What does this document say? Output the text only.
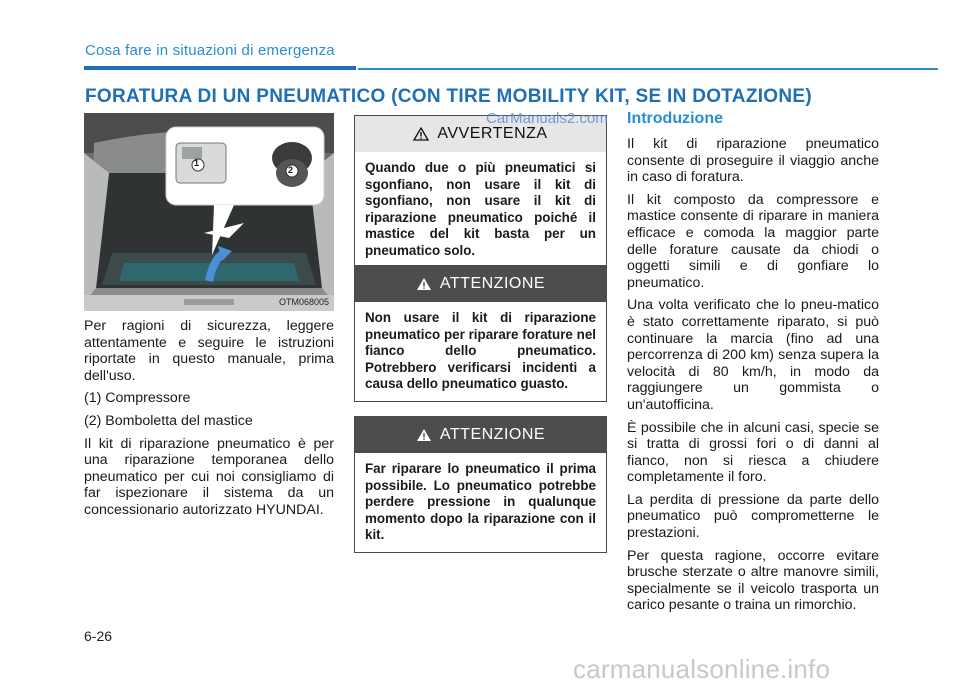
Cosa fare in situazioni di emergenza
FORATURA DI UN PNEUMATICO (CON TIRE MOBILITY KIT, SE IN DOTAZIONE)
1
2
OTM068005

Per ragioni di sicurezza, leggere attentamente e seguire le istruzioni riportate in questo manuale, prima dell'uso.

(1) Compressore

(2) Bomboletta del mastice

Il kit di riparazione pneumatico è per una riparazione temporanea dello pneumatico per cui noi consigliamo di far ispezionare il sistema da un concessionario autorizzato HYUNDAI.

AVVERTENZA
Quando due o più pneumatici si sgonfiano, non usare il kit di sgonfiano, non usare il kit di riparazione pneumatico poiché il mastice del kit basta per un pneumatico solo.
ATTENZIONE
Non usare il kit di riparazione pneumatico per riparare forature nel fianco dello pneumatico. Potrebbero verificarsi incidenti a causa dello pneumatico guasto.
ATTENZIONE
Far riparare lo pneumatico il prima possibile. Lo pneumatico potrebbe perdere pressione in qualunque momento dopo la riparazione con il kit.
CarManuals2.com Introduzione

Il kit di riparazione pneumatico consente di proseguire il viaggio anche in caso di foratura.

Il kit composto da compressore e mastice consente di riparare in maniera efficace e comoda la maggior parte delle forature causate da chiodi o oggetti simili e di gonfiare lo pneumatico.

Una volta verificato che lo pneu-matico è stato correttamente riparato, si può continuare la marcia (fino ad una percorrenza di 200 km) senza supera la velocità di 80 km/h, in modo da raggiungere un gommista o un'autofficina.

È possibile che in alcuni casi, specie se si tratta di grossi fori o di danni al fianco, non si riesca a chiudere completamente il foro.

La perdita di pressione da parte dello pneumatico può comprometterne le prestazioni.

Per questa ragione, occorre evitare brusche sterzate o altre manovre simili, specialmente se il veicolo trasporta un carico pesante o traina un rimorchio.

6-26
carmanualsonline.info
